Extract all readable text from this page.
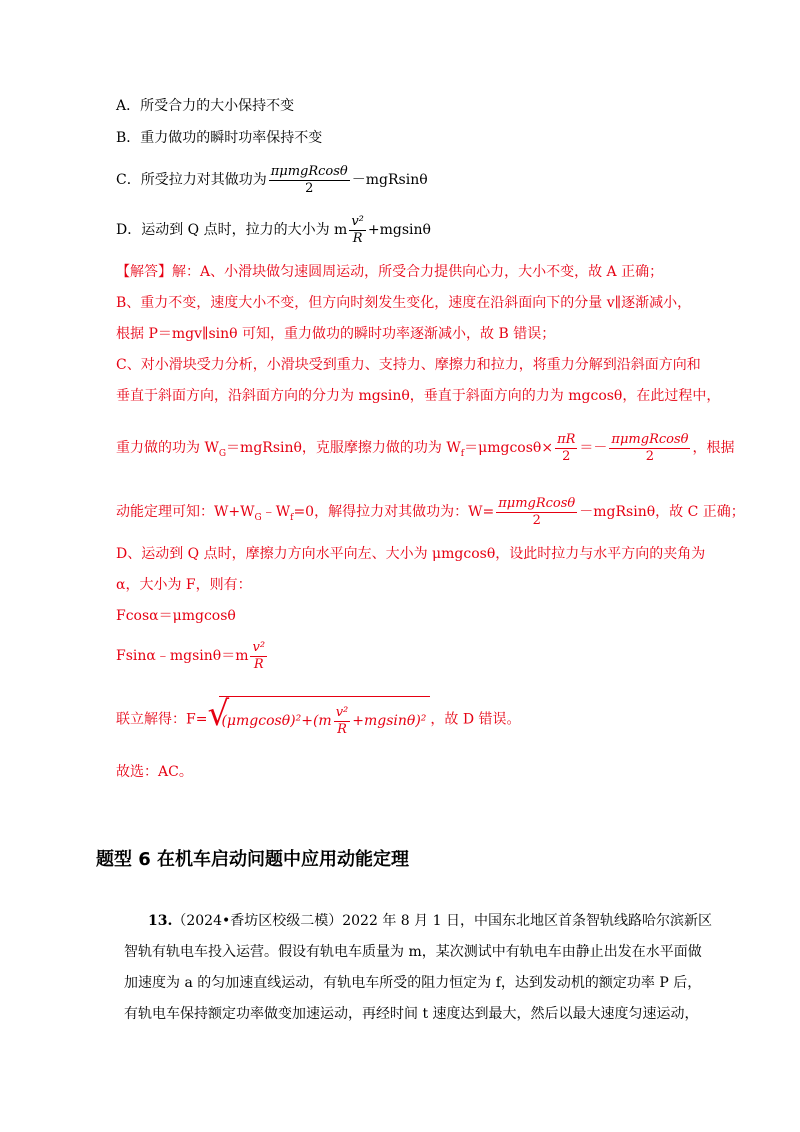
A．所受合力的大小保持不变
B．重力做功的瞬时功率保持不变
C．所受拉力对其做功为 $\frac{\text{πμmgRcosθ}}{2} -mgRsin\theta$
D．运动到 Q 点时，拉力的大小为 m $\frac{\text{v²}}{R} +mgsin\theta$
【解答】解：A、小滑块做匀速圆周运动，所受合力提供向心力，大小不变，故 A 正确；
B、重力不变，速度大小不变，但方向时刻发生变化，速度在沿斜面向下的分量 v∥逐渐减小，
根据 P＝mgv∥sinθ 可知，重力做功的瞬时功率逐渐减小，故 B 错误；
C、对小滑块受力分析，小滑块受到重力、支持力、摩擦力和拉力，将重力分解到沿斜面方向和
垂直于斜面方向，沿斜面方向的分力为 mgsinθ，垂直于斜面方向的力为 mgcosθ，在此过程中，
重力做的功为 $W_G=mgRsin\theta$，克服摩擦力做的功为 $W_f=\mu mgcos\theta\times \frac{\pi R}{2} =- \frac{\text{πμmgRcosθ}}{2}$ ，根据
动能定理可知：$W+W_G﹣W_f=0$，解得拉力对其做功为：$W= \frac{\text{πμmgRcosθ}}{2} -mgRsin\theta$，故 C 正确；
D、运动到 Q 点时，摩擦力方向水平向左、大小为 μmgcosθ，设此时拉力与水平方向的夹角为
α，大小为 F，则有：
Fcosα＝μmgcosθ
Fsinα﹣mgsinθ＝m $\frac{\text{v²}}{R}$
联立解得：F= √
$(\mu mgcos\theta)^2+(m \frac{\text{v²}}{R} +mgsin\theta)^2$ ，故 D 错误。
故选：AC。
题型 6 在机车启动问题中应用动能定理
13.（2024•香坊区校级二模）2022 年 8 月 1 日，中国东北地区首条智轨线路哈尔滨新区
智轨有轨电车投入运营。假设有轨电车质量为 m，某次测试中有轨电车由静止出发在水平面做
加速度为 a 的匀加速直线运动，有轨电车所受的阻力恒定为 f，达到发动机的额定功率 P 后，
有轨电车保持额定功率做变加速运动，再经时间 t 速度达到最大，然后以最大速度匀速运动，
